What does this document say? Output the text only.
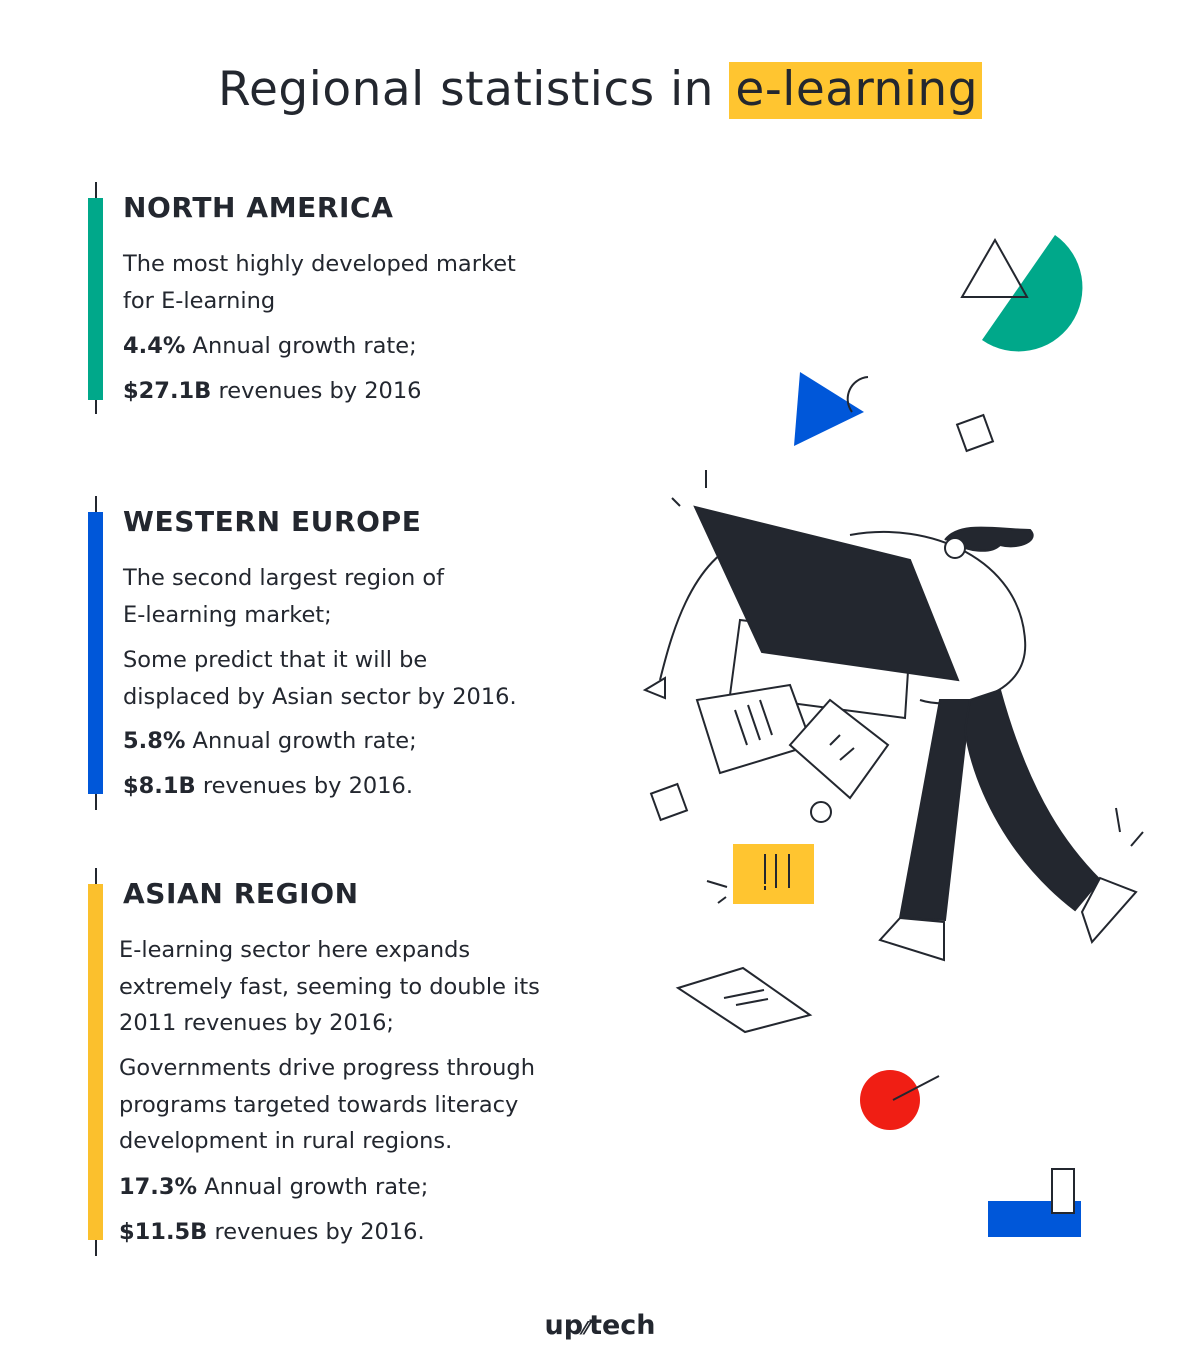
Regional statistics in e-learning
NORTH AMERICA
The most highly developed market
for E-learning
4.4% Annual growth rate;
$27.1B revenues by 2016
WESTERN EUROPE
The second largest region of
E-learning market;
Some predict that it will be
displaced by Asian sector by 2016.
5.8% Annual growth rate;
$8.1B revenues by 2016.
ASIAN REGION
E-learning sector here expands
extremely fast, seeming to double its
2011 revenues by 2016;
Governments drive progress through
programs targeted towards literacy
development in rural regions.
17.3% Annual growth rate;
$11.5B revenues by 2016.
up⁄⁄tech
